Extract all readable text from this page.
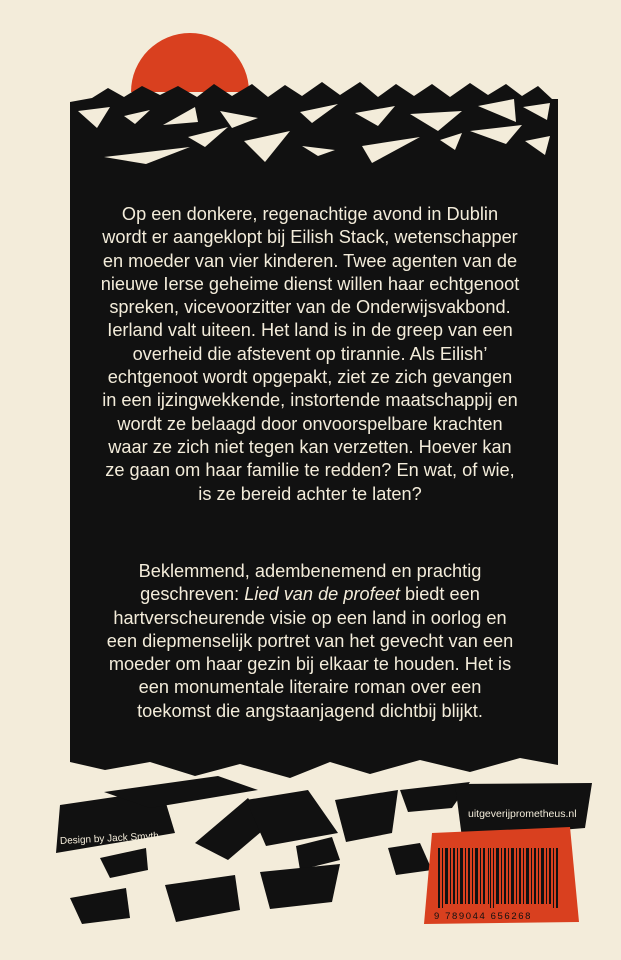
Op een donkere, regenachtige avond in Dublin wordt er aangeklopt bij Eilish Stack, wetenschapper en moeder van vier kinderen. Twee agenten van de nieuwe Ierse geheime dienst willen haar echtgenoot spreken, vicevoorzitter van de Onderwijsvakbond. Ierland valt uiteen. Het land is in de greep van een overheid die afstevent op tirannie. Als Eilish’ echtgenoot wordt opgepakt, ziet ze zich gevangen in een ijzingwekkende, instortende maatschappij en wordt ze belaagd door onvoorspelbare krachten waar ze zich niet tegen kan verzetten. Hoever kan ze gaan om haar familie te redden? En wat, of wie, is ze bereid achter te laten?

Beklemmend, adembenemend en prachtig geschreven: Lied van de profeet biedt een hartverscheurende visie op een land in oorlog en een diepmenselijk portret van het gevecht van een moeder om haar gezin bij elkaar te houden. Het is een monumentale literaire roman over een toekomst die angstaanjagend dichtbij blijkt.

Design by Jack Smyth
uitgeverijprometheus.nl
9 789044 656268
